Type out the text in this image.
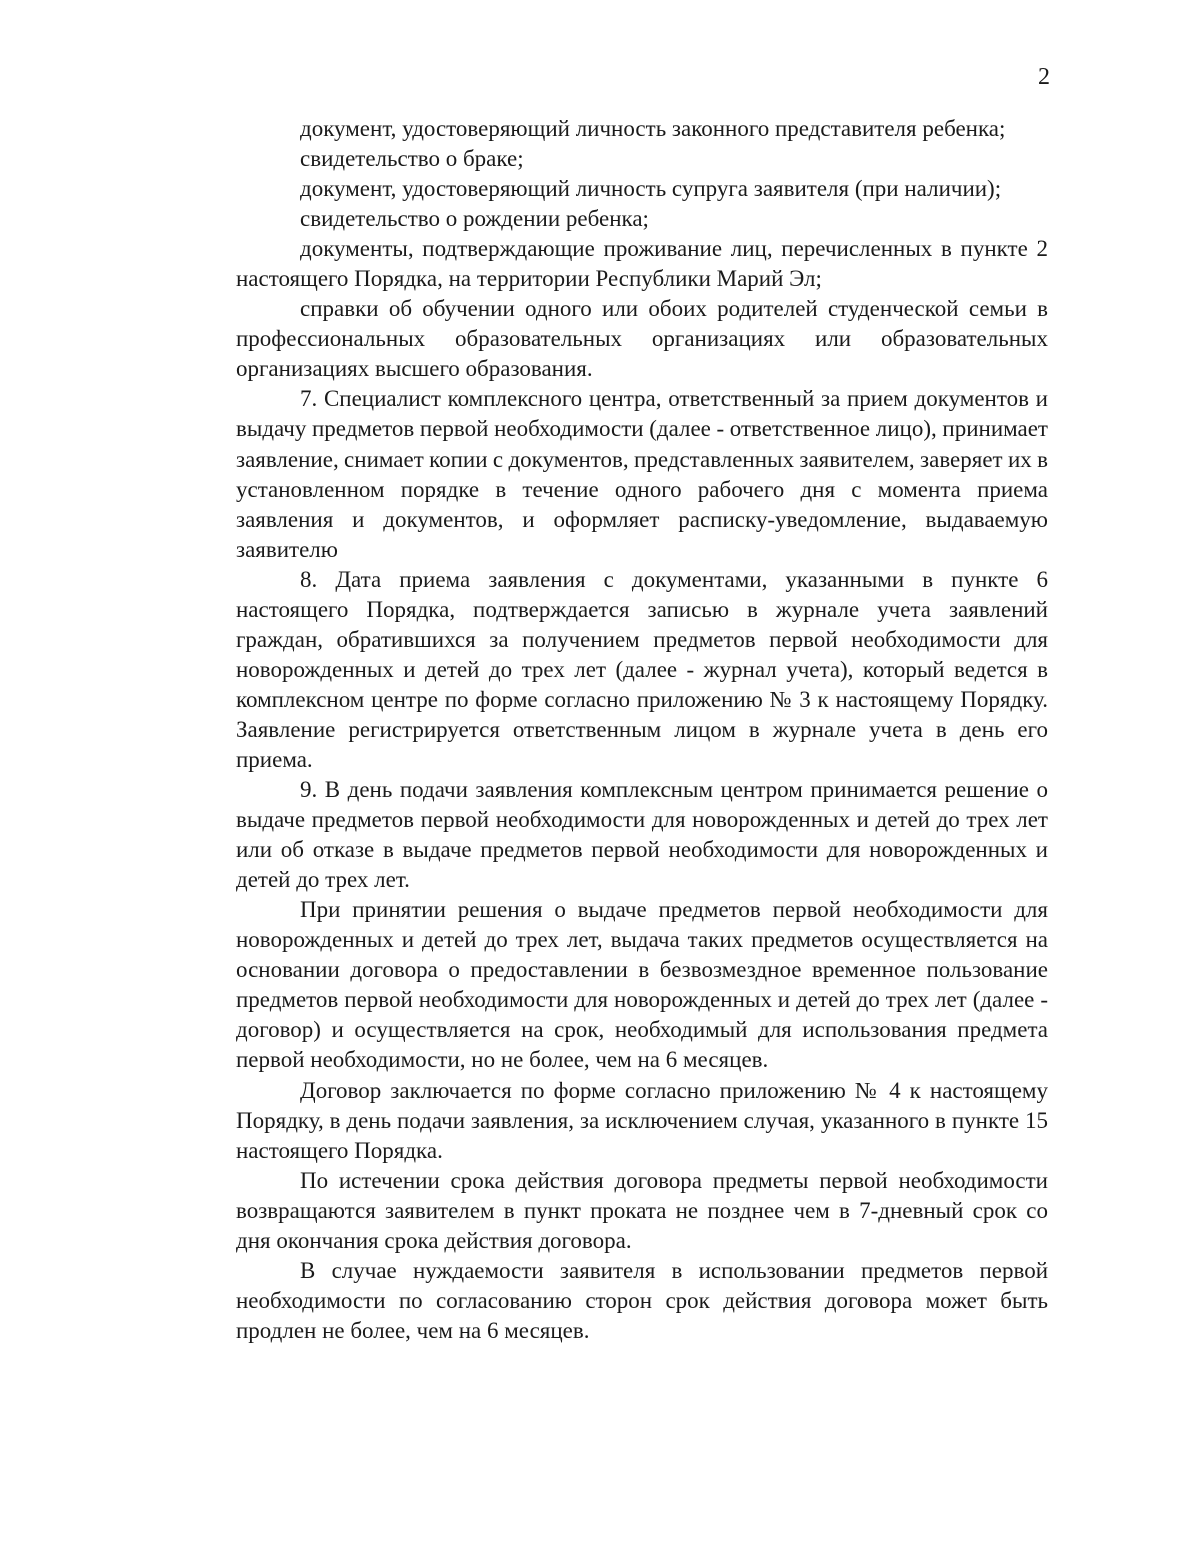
2

документ, удостоверяющий личность законного представителя ребенка;

свидетельство о браке;

документ, удостоверяющий личность супруга заявителя (при наличии);

свидетельство о рождении ребенка;

документы, подтверждающие проживание лиц, перечисленных в пункте 2 настоящего Порядка, на территории Республики Марий Эл;

справки об обучении одного или обоих родителей студенческой семьи в профессиональных образовательных организациях или образовательных организациях высшего образования.

7. Специалист комплексного центра, ответственный за прием документов и выдачу предметов первой необходимости (далее - ответственное лицо), принимает заявление, снимает копии с документов, представленных заявителем, заверяет их в установленном порядке в течение одного рабочего дня с момента приема заявления и документов, и оформляет расписку-уведомление, выдаваемую заявителю

8. Дата приема заявления с документами, указанными в пункте 6 настоящего Порядка, подтверждается записью в журнале учета заявлений граждан, обратившихся за получением предметов первой необходимости для новорожденных и детей до трех лет (далее - журнал учета), который ведется в комплексном центре по форме согласно приложению № 3 к настоящему Порядку. Заявление регистрируется ответственным лицом в журнале учета в день его приема.

9. В день подачи заявления комплексным центром принимается решение о выдаче предметов первой необходимости для новорожденных и детей до трех лет или об отказе в выдаче предметов первой необходимости для новорожденных и детей до трех лет.

При принятии решения о выдаче предметов первой необходимости для новорожденных и детей до трех лет, выдача таких предметов осуществляется на основании договора о предоставлении в безвозмездное временное пользование предметов первой необходимости для новорожденных и детей до трех лет (далее - договор) и осуществляется на срок, необходимый для использования предмета первой необходимости, но не более, чем на 6 месяцев.

Договор заключается по форме согласно приложению № 4 к настоящему Порядку, в день подачи заявления, за исключением случая, указанного в пункте 15 настоящего Порядка.

По истечении срока действия договора предметы первой необходимости возвращаются заявителем в пункт проката не позднее чем в 7-дневный срок со дня окончания срока действия договора.

В случае нуждаемости заявителя в использовании предметов первой необходимости по согласованию сторон срок действия договора может быть продлен не более, чем на 6 месяцев.
